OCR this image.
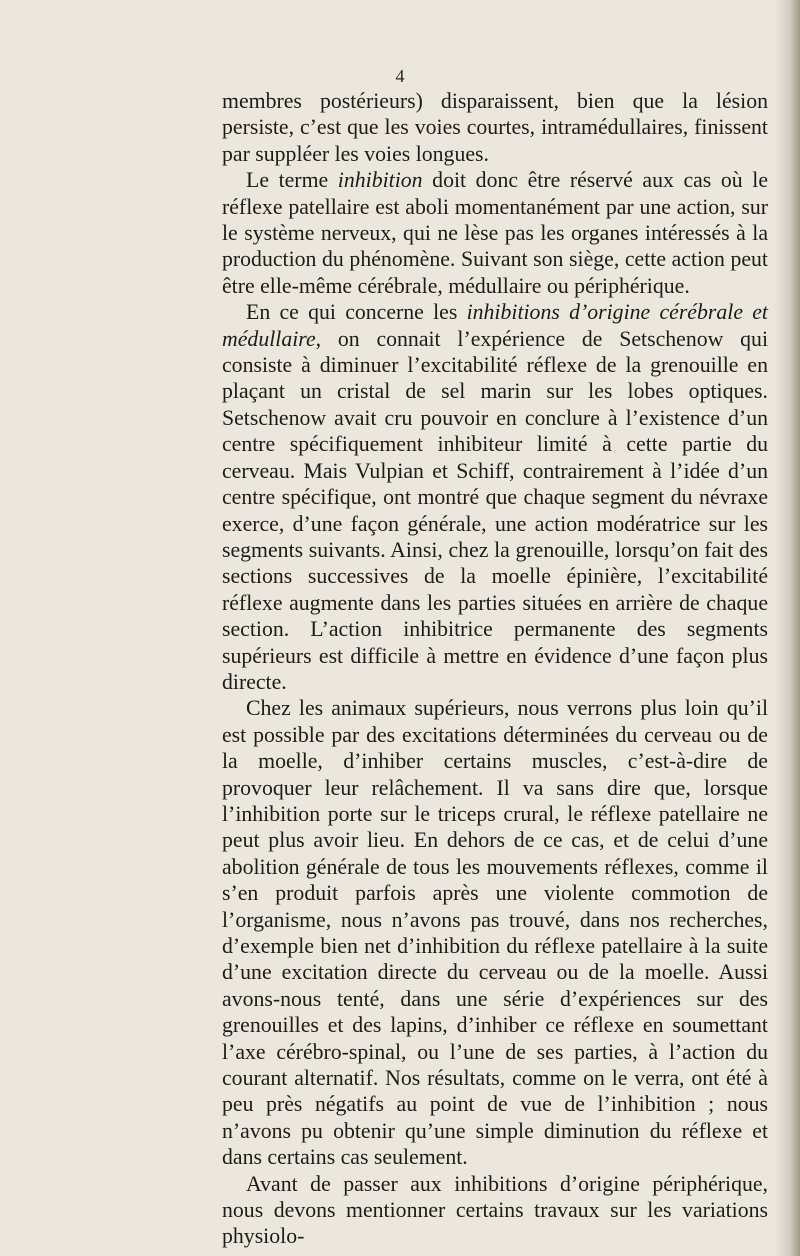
4

membres postérieurs) disparaissent, bien que la lésion persiste, c’est que les voies courtes, intramédullaires, finissent par suppléer les voies longues.

Le terme inhibition doit donc être réservé aux cas où le réflexe patellaire est aboli momentanément par une action, sur le système nerveux, qui ne lèse pas les organes intéressés à la production du phénomène. Suivant son siège, cette action peut être elle-même cérébrale, médullaire ou périphérique.

En ce qui concerne les inhibitions d’origine cérébrale et médullaire, on connait l’expérience de Setschenow qui consiste à diminuer l’excitabilité réflexe de la grenouille en plaçant un cristal de sel marin sur les lobes optiques. Setschenow avait cru pouvoir en conclure à l’existence d’un centre spécifiquement inhibiteur limité à cette partie du cerveau. Mais Vulpian et Schiff, contrairement à l’idée d’un centre spécifique, ont montré que chaque segment du névraxe exerce, d’une façon générale, une action modératrice sur les segments suivants. Ainsi, chez la grenouille, lorsqu’on fait des sections successives de la moelle épinière, l’excitabilité réflexe augmente dans les parties situées en arrière de chaque section. L’action inhibitrice permanente des segments supérieurs est difficile à mettre en évidence d’une façon plus directe.

Chez les animaux supérieurs, nous verrons plus loin qu’il est possible par des excitations déterminées du cerveau ou de la moelle, d’inhiber certains muscles, c’est-à-dire de provoquer leur relâchement. Il va sans dire que, lorsque l’inhibition porte sur le triceps crural, le réflexe patellaire ne peut plus avoir lieu. En dehors de ce cas, et de celui d’une abolition générale de tous les mouvements réflexes, comme il s’en produit parfois après une violente commotion de l’organisme, nous n’avons pas trouvé, dans nos recherches, d’exemple bien net d’inhibition du réflexe patellaire à la suite d’une excitation directe du cerveau ou de la moelle. Aussi avons-nous tenté, dans une série d’expériences sur des grenouilles et des lapins, d’inhiber ce réflexe en soumettant l’axe cérébro-spinal, ou l’une de ses parties, à l’action du courant alternatif. Nos résultats, comme on le verra, ont été à peu près négatifs au point de vue de l’inhibition ; nous n’avons pu obtenir qu’une simple diminution du réflexe et dans certains cas seulement.

Avant de passer aux inhibitions d’origine périphérique, nous devons mentionner certains travaux sur les variations physiolo-
